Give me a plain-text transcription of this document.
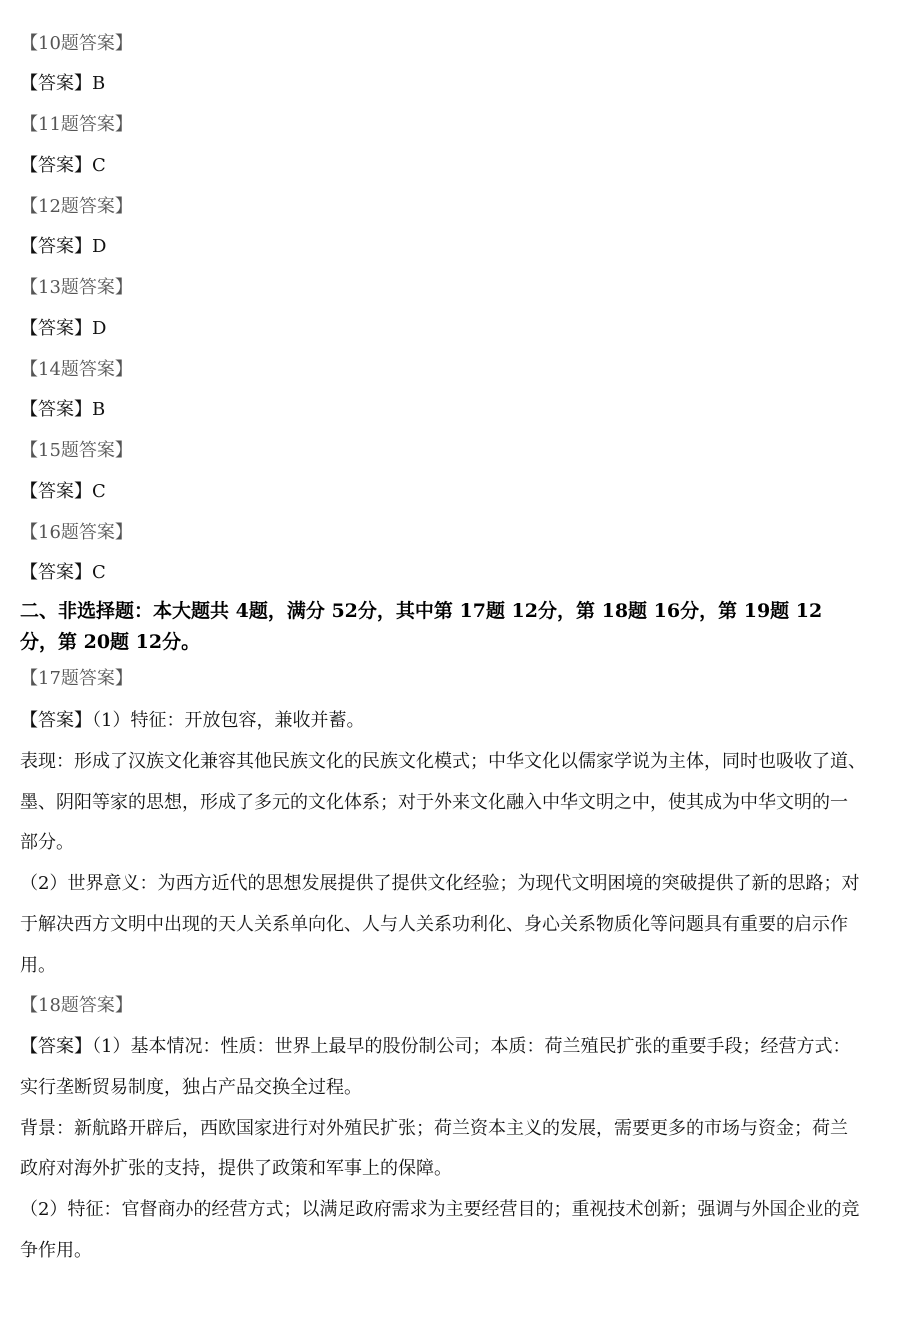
【10题答案】
【答案】B
【11题答案】
【答案】C
【12题答案】
【答案】D
【13题答案】
【答案】D
【14题答案】
【答案】B
【15题答案】
【答案】C
【16题答案】
【答案】C
二、非选择题：本大题共 4题，满分 52分，其中第 17题 12分，第 18题 16分，第 19题 12
分，第 20题 12分。
【17题答案】
【答案】（1）特征：开放包容，兼收并蓄。
表现：形成了汉族文化兼容其他民族文化的民族文化模式；中华文化以儒家学说为主体，同时也吸收了道、
墨、阴阳等家的思想，形成了多元的文化体系；对于外来文化融入中华文明之中，使其成为中华文明的一
部分。
（2）世界意义：为西方近代的思想发展提供了提供文化经验；为现代文明困境的突破提供了新的思路；对
于解决西方文明中出现的天人关系单向化、人与人关系功利化、身心关系物质化等问题具有重要的启示作
用。
【18题答案】
【答案】（1）基本情况：性质：世界上最早的股份制公司；本质：荷兰殖民扩张的重要手段；经营方式：
实行垄断贸易制度，独占产品交换全过程。
背景：新航路开辟后，西欧国家进行对外殖民扩张；荷兰资本主义的发展，需要更多的市场与资金；荷兰
政府对海外扩张的支持，提供了政策和军事上的保障。
（2）特征：官督商办的经营方式；以满足政府需求为主要经营目的；重视技术创新；强调与外国企业的竞
争作用。
